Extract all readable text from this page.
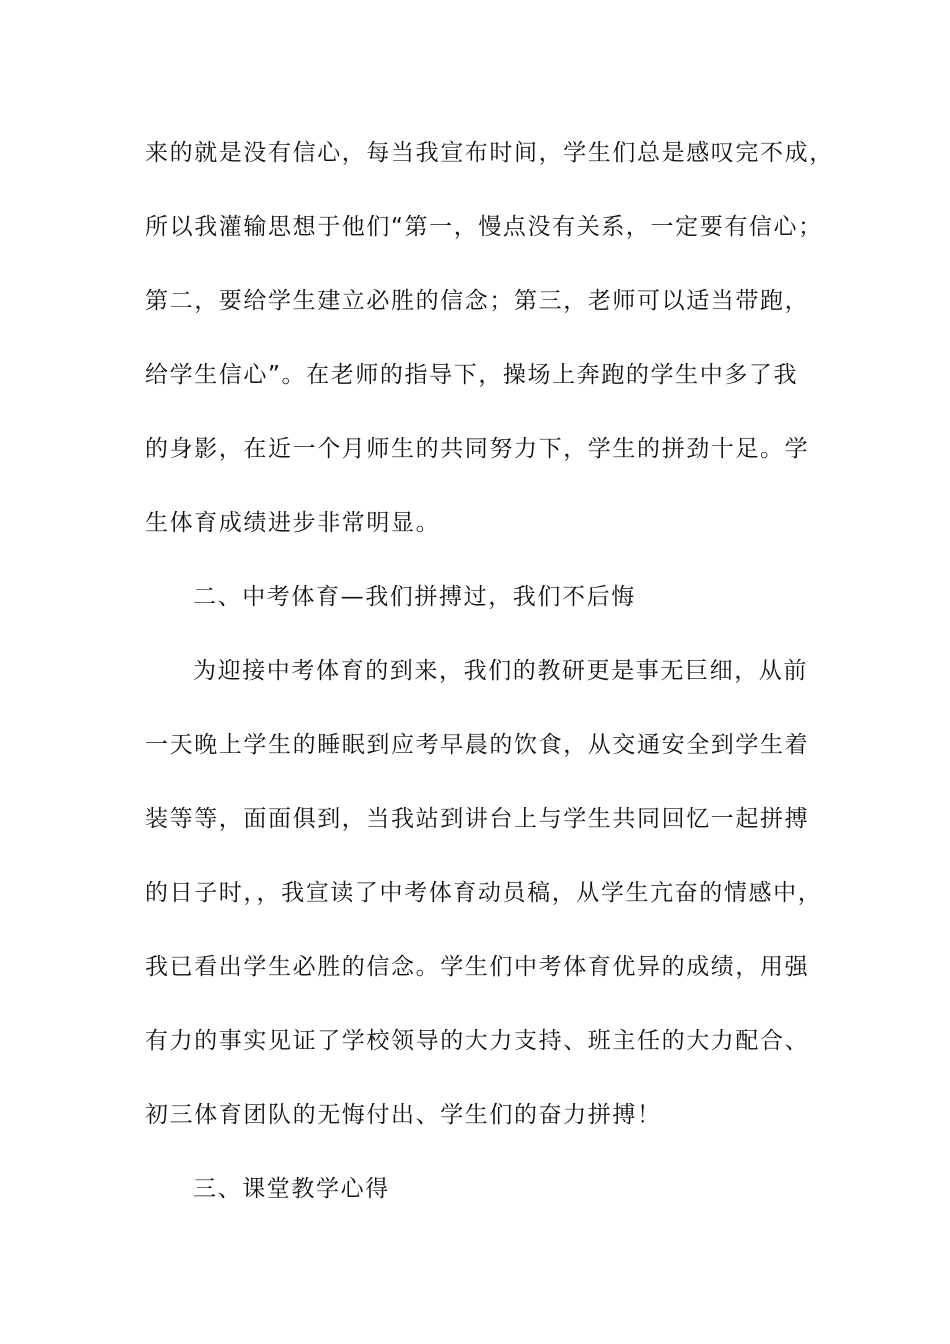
来的就是没有信心，每当我宣布时间，学生们总是感叹完不成，
所以我灌输思想于他们“第一，慢点没有关系，一定要有信心；
第二，要给学生建立必胜的信念；第三，老师可以适当带跑，
给学生信心”。在老师的指导下，操场上奔跑的学生中多了我
的身影，在近一个月师生的共同努力下，学生的拼劲十足。学
生体育成绩进步非常明显。
二、中考体育—我们拼搏过，我们不后悔
为迎接中考体育的到来，我们的教研更是事无巨细，从前
一天晚上学生的睡眠到应考早晨的饮食，从交通安全到学生着
装等等，面面俱到，当我站到讲台上与学生共同回忆一起拼搏
的日子时，，我宣读了中考体育动员稿，从学生亢奋的情感中，
我已看出学生必胜的信念。学生们中考体育优异的成绩，用强
有力的事实见证了学校领导的大力支持、班主任的大力配合、
初三体育团队的无悔付出、学生们的奋力拼搏！
三、课堂教学心得
